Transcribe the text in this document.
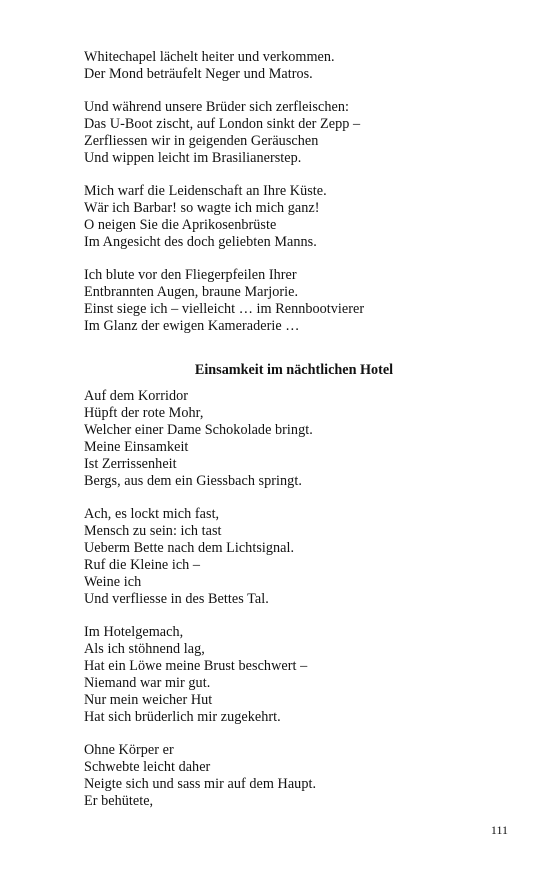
Whitechapel lächelt heiter und verkommen.
Der Mond beträufelt Neger und Matros.
Und während unsere Brüder sich zerfleischen:
Das U-Boot zischt, auf London sinkt der Zepp –
Zerfliessen wir in geigenden Geräuschen
Und wippen leicht im Brasilianerstep.
Mich warf die Leidenschaft an Ihre Küste.
Wär ich Barbar! so wagte ich mich ganz!
O neigen Sie die Aprikosenbrüste
Im Angesicht des doch geliebten Manns.
Ich blute vor den Fliegerpfeilen Ihrer
Entbrannten Augen, braune Marjorie.
Einst siege ich – vielleicht … im Rennbootvierer
Im Glanz der ewigen Kameraderie …
Einsamkeit im nächtlichen Hotel
Auf dem Korridor
Hüpft der rote Mohr,
Welcher einer Dame Schokolade bringt.
Meine Einsamkeit
Ist Zerrissenheit
Bergs, aus dem ein Giessbach springt.
Ach, es lockt mich fast,
Mensch zu sein: ich tast
Ueberm Bette nach dem Lichtsignal.
Ruf die Kleine ich –
Weine ich
Und verfliesse in des Bettes Tal.
Im Hotelgemach,
Als ich stöhnend lag,
Hat ein Löwe meine Brust beschwert –
Niemand war mir gut.
Nur mein weicher Hut
Hat sich brüderlich mir zugekehrt.
Ohne Körper er
Schwebte leicht daher
Neigte sich und sass mir auf dem Haupt.
Er behütete,
111
